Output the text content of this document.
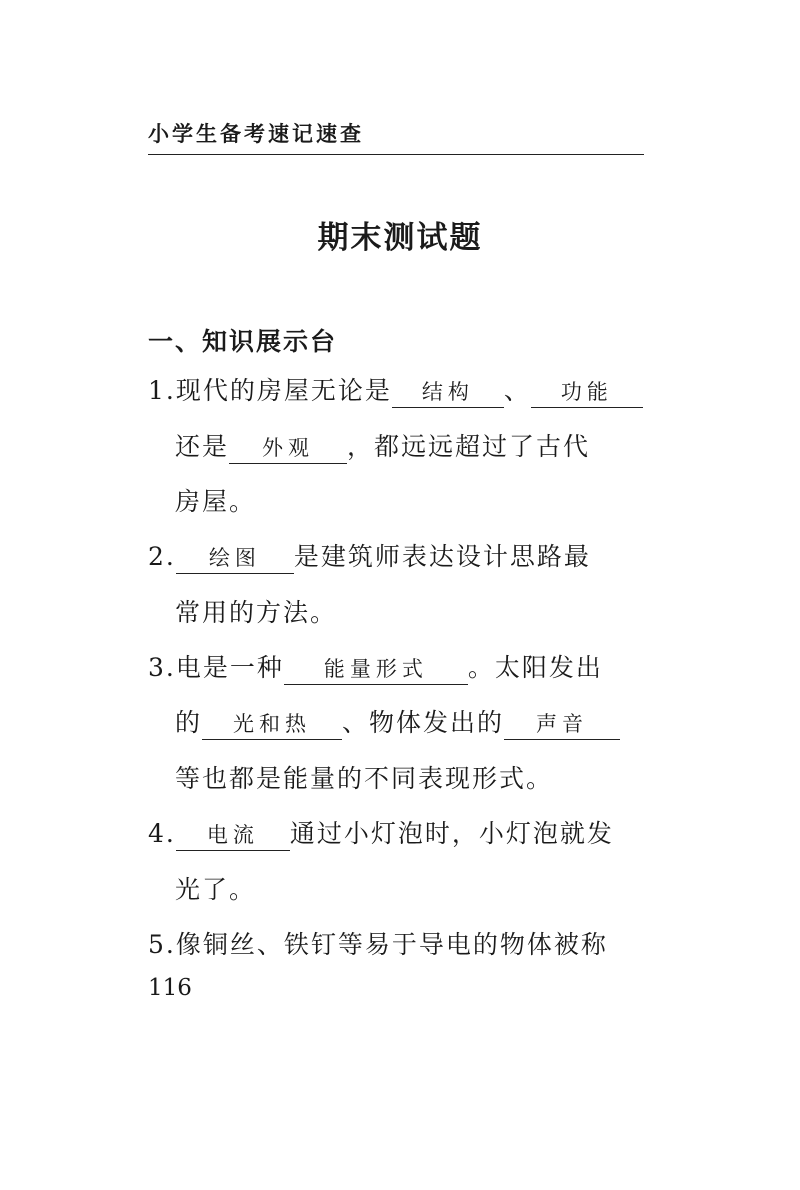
小学生备考速记速查
期末测试题
一、知识展示台
1.现代的房屋无论是 结构 、 功能
还是 外观 ，都远远超过了古代
房屋。
2. 绘图 是建筑师表达设计思路最
常用的方法。
3.电是一种 能量形式 。太阳发出
的 光和热 、物体发出的 声音
等也都是能量的不同表现形式。
4. 电流 通过小灯泡时，小灯泡就发
光了。
5.像铜丝、铁钉等易于导电的物体被称
116
